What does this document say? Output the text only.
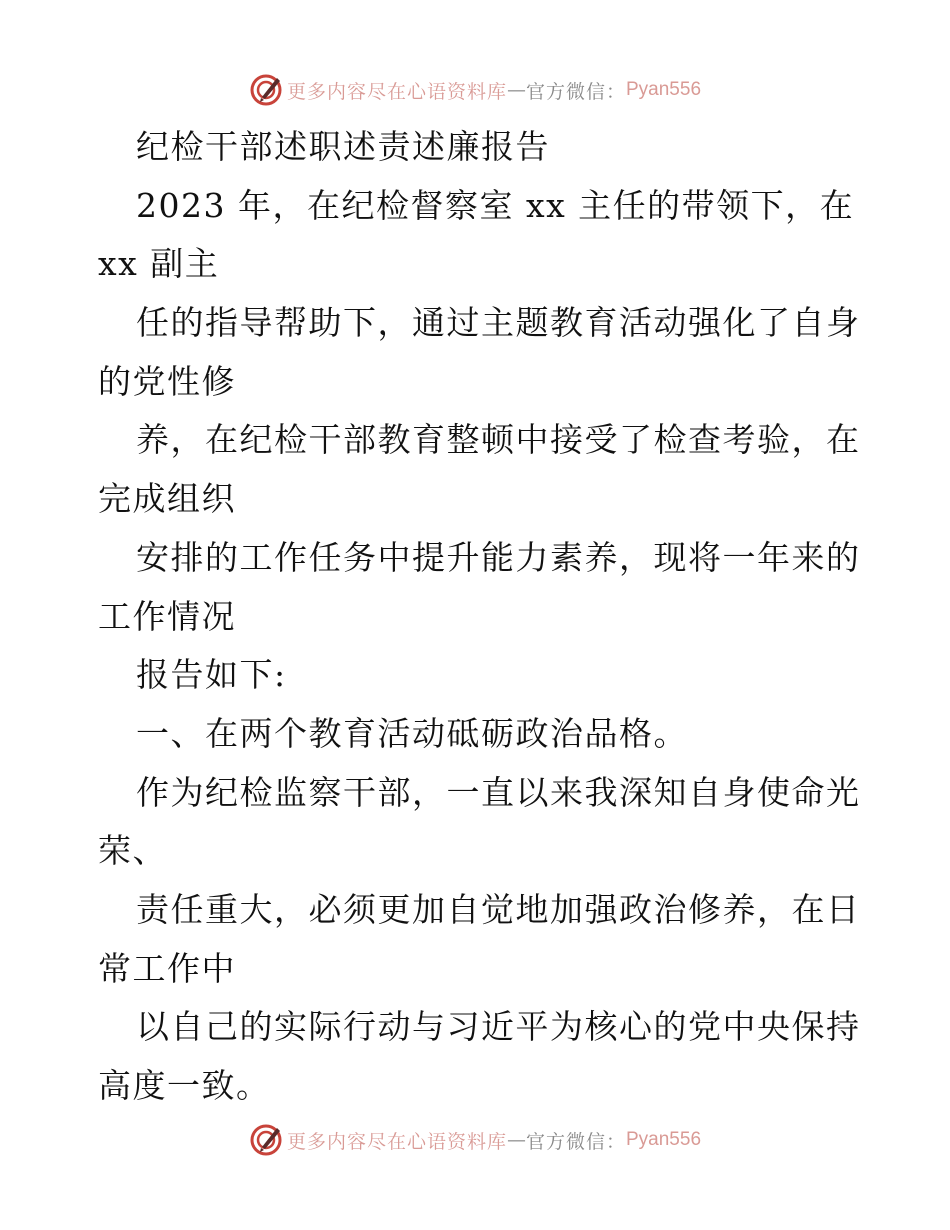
更多内容尽在心语资料库 — 官方微信： Pyan556
纪检干部述职述责述廉报告
2023 年，在纪检督察室 xx 主任的带领下，在
xx 副主
任的指导帮助下，通过主题教育活动强化了自身
的党性修
养，在纪检干部教育整顿中接受了检查考验，在
完成组织
安排的工作任务中提升能力素养，现将一年来的
工作情况
报告如下:
一、在两个教育活动砥砺政治品格。
作为纪检监察干部，一直以来我深知自身使命光
荣、
责任重大，必须更加自觉地加强政治修养，在日
常工作中
以自己的实际行动与习近平为核心的党中央保持
高度一致。
更多内容尽在心语资料库 — 官方微信： Pyan556
